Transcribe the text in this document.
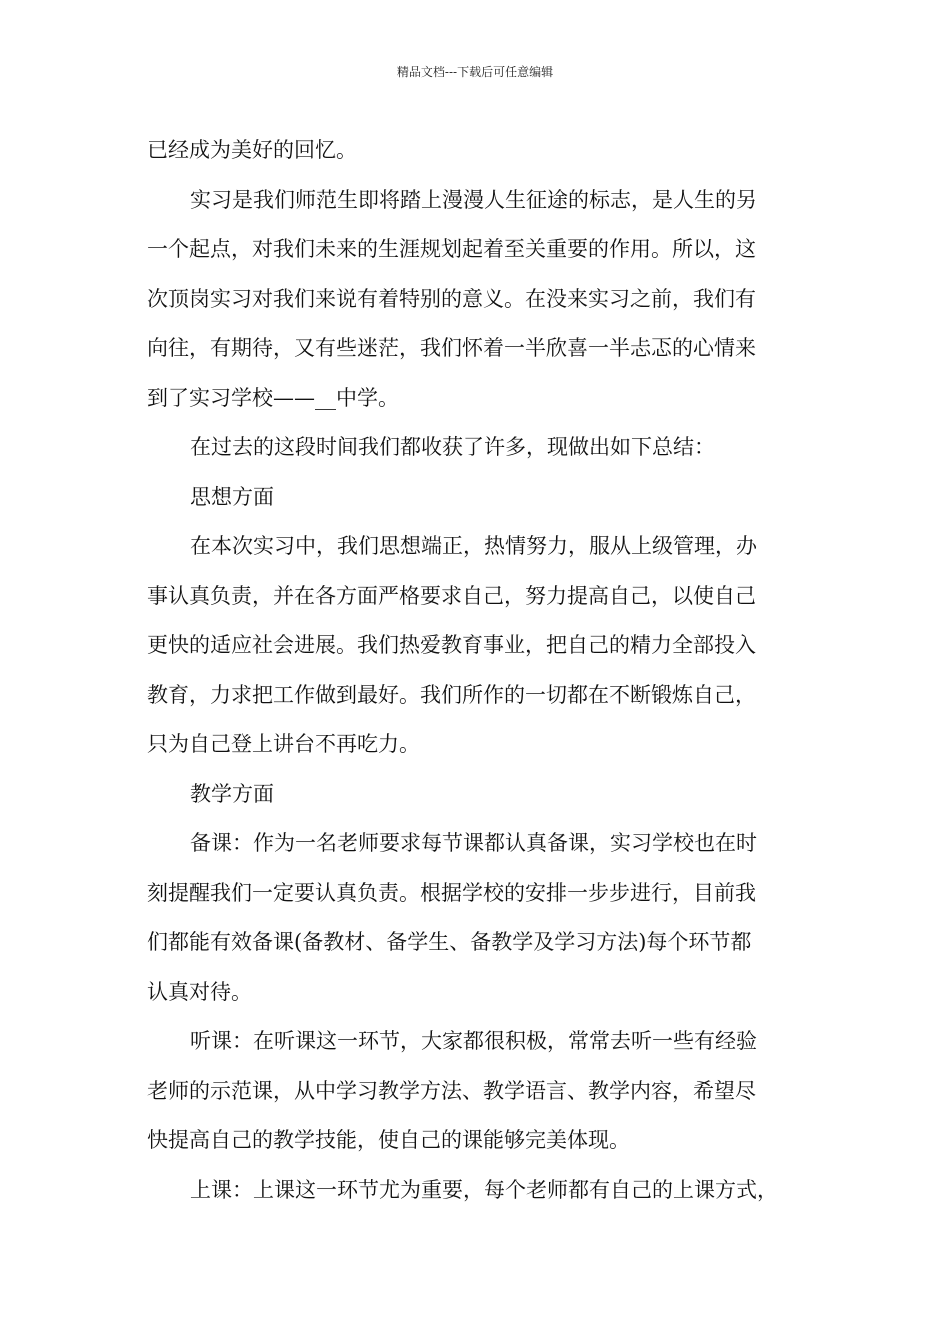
精品文档---下载后可任意编辑
已经成为美好的回忆。
实习是我们师范生即将踏上漫漫人生征途的标志，是人生的另
一个起点，对我们未来的生涯规划起着至关重要的作用。所以，这
次顶岗实习对我们来说有着特别的意义。在没来实习之前，我们有
向往，有期待，又有些迷茫，我们怀着一半欣喜一半忐忑的心情来
到了实习学校——__中学。
在过去的这段时间我们都收获了许多，现做出如下总结：
思想方面
在本次实习中，我们思想端正，热情努力，服从上级管理，办
事认真负责，并在各方面严格要求自己，努力提高自己，以使自己
更快的适应社会进展。我们热爱教育事业，把自己的精力全部投入
教育，力求把工作做到最好。我们所作的一切都在不断锻炼自己，
只为自己登上讲台不再吃力。
教学方面
备课：作为一名老师要求每节课都认真备课，实习学校也在时
刻提醒我们一定要认真负责。根据学校的安排一步步进行，目前我
们都能有效备课(备教材、备学生、备教学及学习方法)每个环节都
认真对待。
听课：在听课这一环节，大家都很积极，常常去听一些有经验
老师的示范课，从中学习教学方法、教学语言、教学内容，希望尽
快提高自己的教学技能，使自己的课能够完美体现。
上课：上课这一环节尤为重要，每个老师都有自己的上课方式，
